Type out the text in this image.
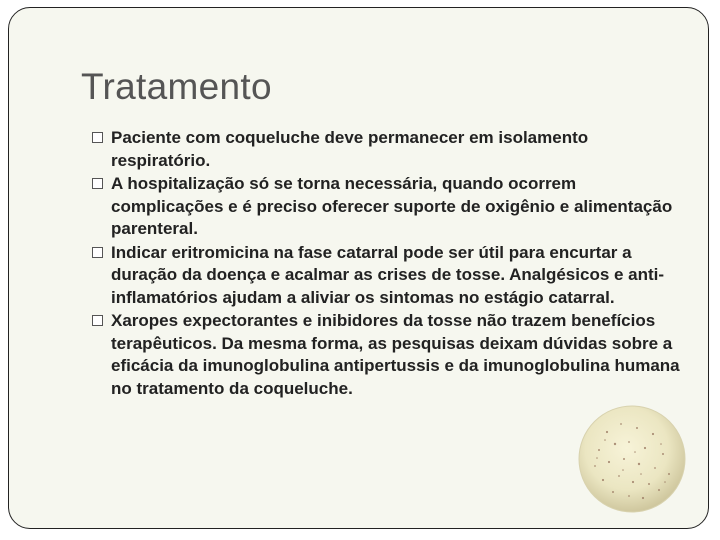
Tratamento
Paciente com coqueluche deve permanecer em isolamento respiratório.
A hospitalização só se torna necessária, quando ocorrem complicações e é preciso oferecer suporte de oxigênio e alimentação parenteral.
Indicar eritromicina na fase catarral pode ser útil para encurtar a duração da doença e acalmar as crises de tosse. Analgésicos e anti-inflamatórios ajudam a aliviar os sintomas no estágio catarral.
Xaropes expectorantes e inibidores da tosse não trazem benefícios terapêuticos. Da mesma forma, as pesquisas deixam dúvidas sobre a eficácia da imunoglobulina antipertussis e da imunoglobulina humana no tratamento da coqueluche.
